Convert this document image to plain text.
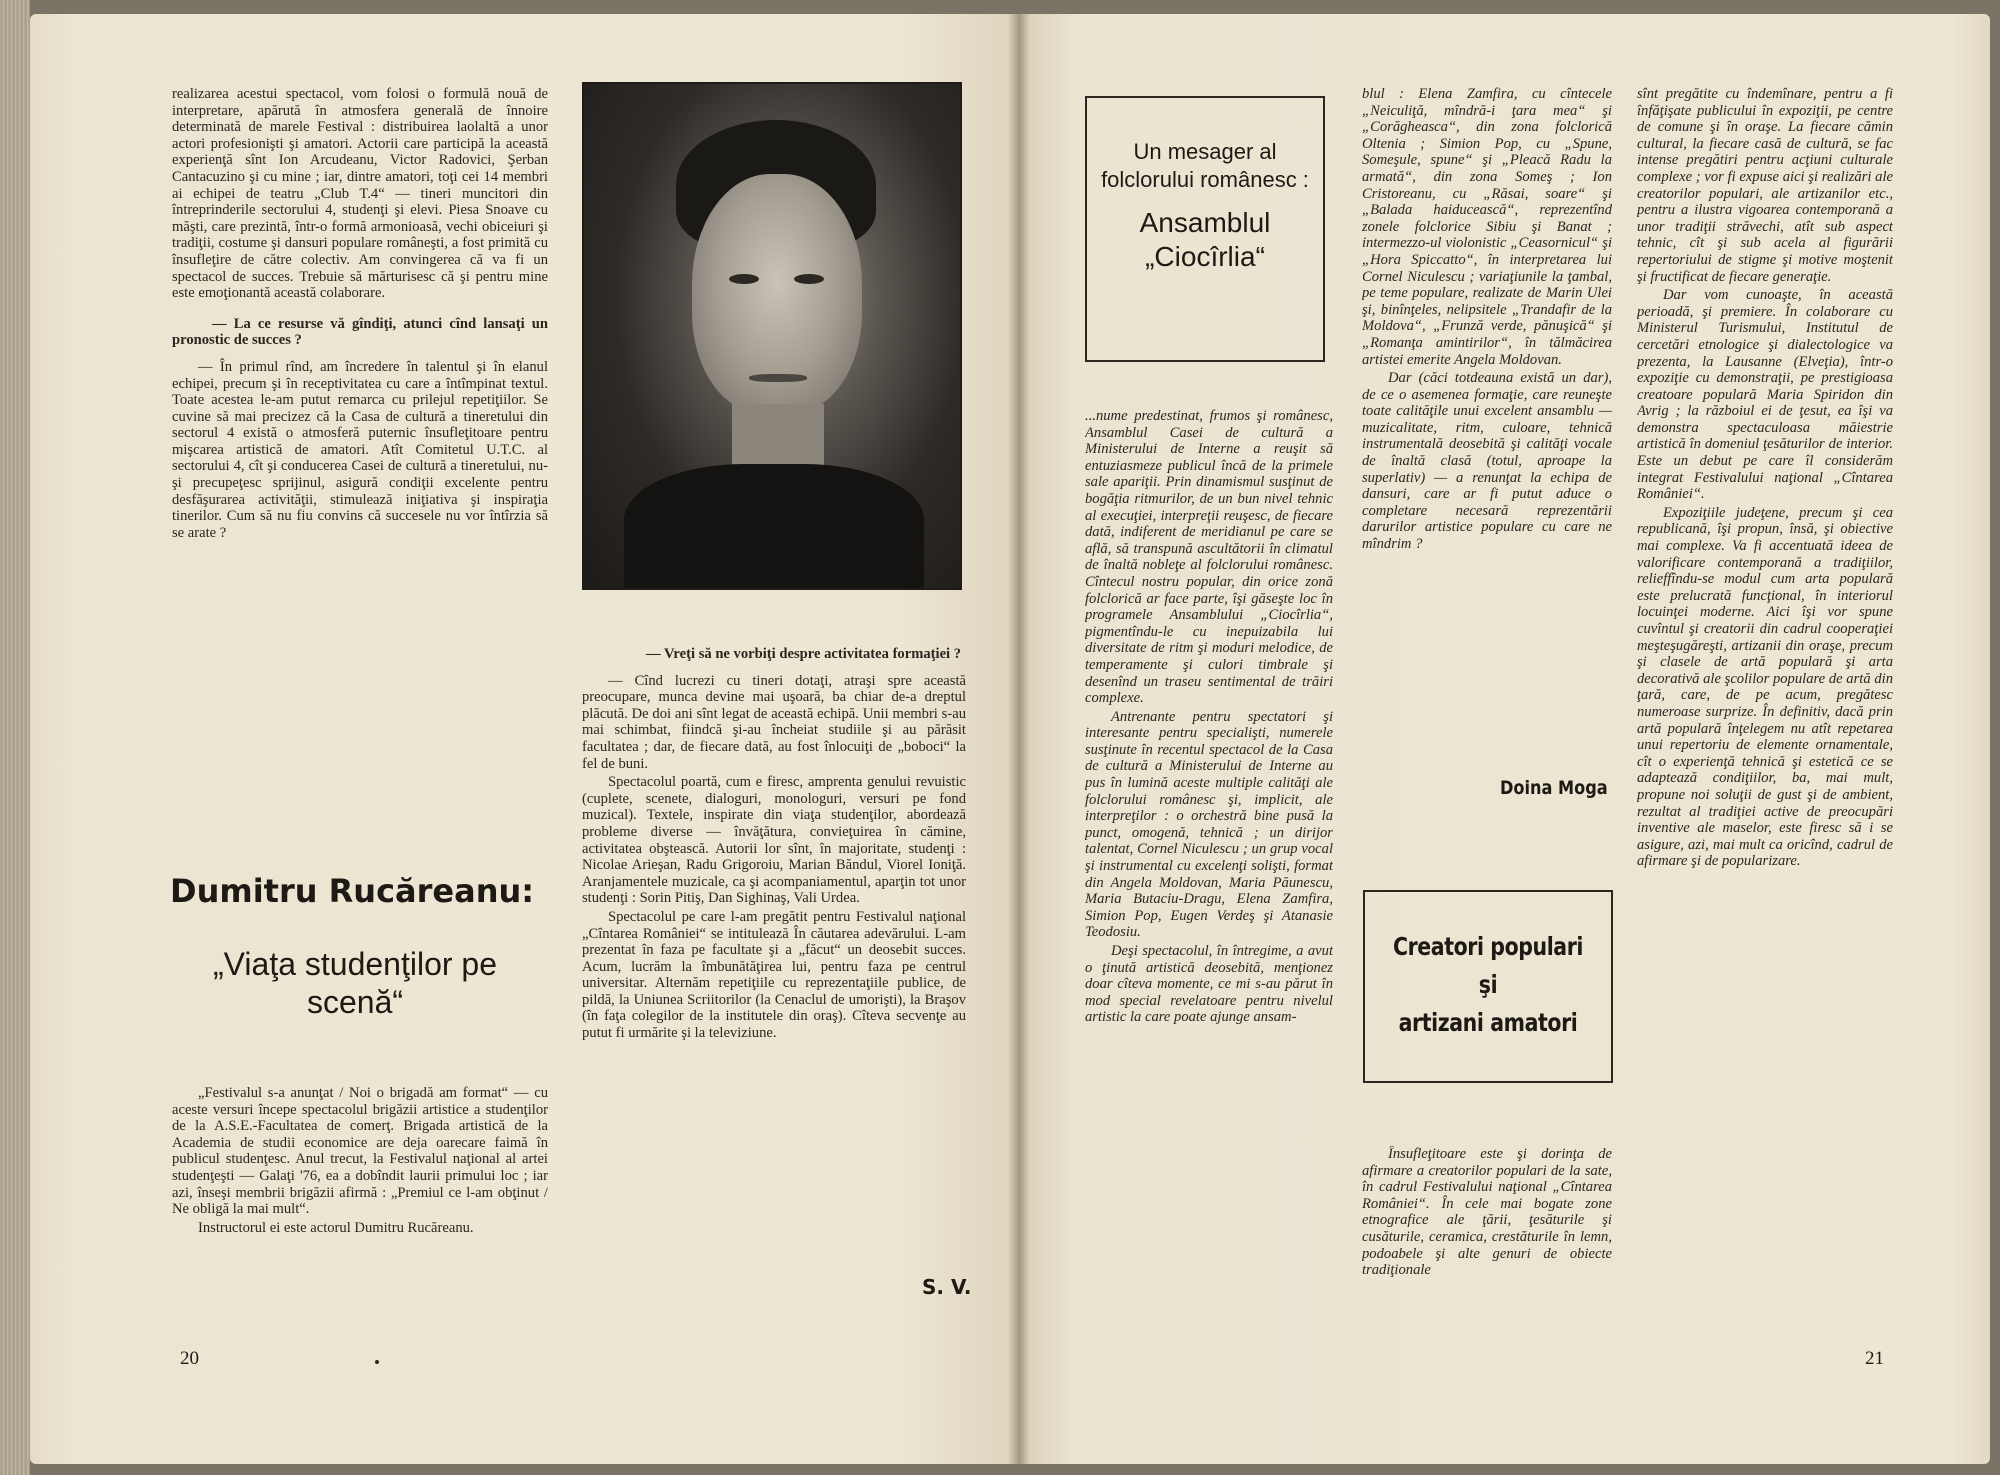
realizarea acestui spectacol, vom folosi o formulă nouă de interpretare, apărută în atmosfera generală de înnoire determinată de marele Festival : distribuirea laolaltă a unor actori profesionişti şi amatori. Actorii care participă la această experienţă sînt Ion Arcudeanu, Victor Radovici, Şerban Cantacuzino şi cu mine ; iar, dintre amatori, toţi cei 14 membri ai echipei de teatru „Club T.4“ — tineri muncitori din întreprinderile sectorului 4, studenţi şi elevi. Piesa Snoave cu măşti, care prezintă, într-o formă armonioasă, vechi obiceiuri şi tradiţii, costume şi dansuri populare româneşti, a fost primită cu însufleţire de către colectiv. Am convingerea că va fi un spectacol de succes. Trebuie să mărturisesc că şi pentru mine este emoţionantă această colaborare.

— La ce resurse vă gîndiţi, atunci cînd lansaţi un pronostic de succes ?

— În primul rînd, am încredere în talentul şi în elanul echipei, precum şi în receptivitatea cu care a întîmpinat textul. Toate acestea le-am putut remarca cu prilejul repetiţiilor. Se cuvine să mai precizez că la Casa de cultură a tineretului din sectorul 4 există o atmosferă puternic însufleţitoare pentru mişcarea artistică de amatori. Atît Comitetul U.T.C. al sectorului 4, cît şi conducerea Casei de cultură a tineretului, nu-şi precupeţesc sprijinul, asigură condiţii excelente pentru desfăşurarea activităţii, stimulează iniţiativa şi inspiraţia tinerilor. Cum să nu fiu convins că succesele nu vor întîrzia să se arate ?

Dumitru Rucăreanu:
„Viaţa studenţilor pe scenă“

„Festivalul s-a anunţat / Noi o brigadă am format“ — cu aceste versuri începe spectacolul brigăzii artistice a studenţilor de la A.S.E.-Facultatea de comerţ. Brigada artistică de la Academia de studii economice are deja oarecare faimă în publicul studenţesc. Anul trecut, la Festivalul naţional al artei studenţeşti — Galaţi '76, ea a dobîndit laurii primului loc ; iar azi, înseşi membrii brigăzii afirmă : „Premiul ce l-am obţinut / Ne obligă la mai mult“.

Instructorul ei este actorul Dumitru Rucăreanu.

— Vreţi să ne vorbiţi despre activitatea formaţiei ?

— Cînd lucrezi cu tineri dotaţi, atraşi spre această preocupare, munca devine mai uşoară, ba chiar de-a dreptul plăcută. De doi ani sînt legat de această echipă. Unii membri s-au mai schimbat, fiindcă şi-au încheiat studiile şi au părăsit facultatea ; dar, de fiecare dată, au fost înlocuiţi de „boboci“ la fel de buni.

Spectacolul poartă, cum e firesc, amprenta genului revuistic (cuplete, scenete, dialoguri, monologuri, versuri pe fond muzical). Textele, inspirate din viaţa studenţilor, abordează probleme diverse — învăţătura, convieţuirea în cămine, activitatea obştească. Autorii lor sînt, în majoritate, studenţi : Nicolae Arieşan, Radu Grigoroiu, Marian Băndul, Viorel Ioniţă. Aranjamentele muzicale, ca şi acompaniamentul, aparţin tot unor studenţi : Sorin Pitiş, Dan Sighinaş, Vali Urdea.

Spectacolul pe care l-am pregătit pentru Festivalul naţional „Cîntarea României“ se intitulează În căutarea adevărului. L-am prezentat în faza pe facultate şi a „făcut“ un deosebit succes. Acum, lucrăm la îmbunătăţirea lui, pentru faza pe centrul universitar. Alternăm repetiţiile cu reprezentaţiile publice, de pildă, la Uniunea Scriitorilor (la Cenaclul de umorişti), la Braşov (în faţa colegilor de la institutele din oraş). Cîteva secvenţe au putut fi urmărite şi la televiziune.

S. V.
20
Un mesager al folclorului românesc :
Ansamblul „Ciocîrlia“

...nume predestinat, frumos şi românesc, Ansamblul Casei de cultură a Ministerului de Interne a reuşit să entuziasmeze publicul încă de la primele sale apariţii. Prin dinamismul susţinut de bogăţia ritmurilor, de un bun nivel tehnic al execuţiei, interpreţii reuşesc, de fiecare dată, indiferent de meridianul pe care se află, să transpună ascultătorii în climatul de înaltă nobleţe al folclorului românesc. Cîntecul nostru popular, din orice zonă folclorică ar face parte, îşi găseşte loc în programele Ansamblului „Ciocîrlia“, pigmentîndu-le cu inepuizabila lui diversitate de ritm şi moduri melodice, de temperamente şi culori timbrale şi desenînd un traseu sentimental de trăiri complexe.

Antrenante pentru spectatori şi interesante pentru specialişti, numerele susţinute în recentul spectacol de la Casa de cultură a Ministerului de Interne au pus în lumină aceste multiple calităţi ale folclorului românesc şi, implicit, ale interpreţilor : o orchestră bine pusă la punct, omogenă, tehnică ; un dirijor talentat, Cornel Niculescu ; un grup vocal şi instrumental cu excelenţi solişti, format din Angela Moldovan, Maria Păunescu, Maria Butaciu-Dragu, Elena Zamfira, Simion Pop, Eugen Verdeş şi Atanasie Teodosiu.

Deşi spectacolul, în întregime, a avut o ţinută artistică deosebită, menţionez doar cîteva momente, ce mi s-au părut în mod special revelatoare pentru nivelul artistic la care poate ajunge ansam-

blul : Elena Zamfira, cu cîntecele „Neiculiţă, mîndră-i ţara mea“ şi „Corăgheasca“, din zona folclorică Oltenia ; Simion Pop, cu „Spune, Someşule, spune“ şi „Pleacă Radu la armată“, din zona Someş ; Ion Cristoreanu, cu „Răsai, soare“ şi „Balada haiducească“, reprezentînd zonele folclorice Sibiu şi Banat ; intermezzo-ul violonistic „Ceasornicul“ şi „Hora Spiccatto“, în interpretarea lui Cornel Niculescu ; variaţiunile la ţambal, pe teme populare, realizate de Marin Ulei şi, binînţeles, nelipsitele „Trandafir de la Moldova“, „Frunză verde, pănuşică“ şi „Romanţa amintirilor“, în tălmăcirea artistei emerite Angela Moldovan.

Dar (căci totdeauna există un dar), de ce o asemenea formaţie, care reuneşte toate calităţile unui excelent ansamblu — muzicalitate, ritm, culoare, tehnică instrumentală deosebită şi calităţi vocale de înaltă clasă (totul, aproape la superlativ) — a renunţat la echipa de dansuri, care ar fi putut aduce o completare necesară reprezentării darurilor artistice populare cu care ne mîndrim ?

Doina Moga
Creatori populari
şi
artizani amatori

Însufleţitoare este şi dorinţa de afirmare a creatorilor populari de la sate, în cadrul Festivalului naţional „Cîntarea României“. În cele mai bogate zone etnografice ale ţării, ţesăturile şi cusăturile, ceramica, crestăturile în lemn, podoabele şi alte genuri de obiecte tradiţionale

sînt pregătite cu îndemînare, pentru a fi înfăţişate publicului în expoziţii, pe centre de comune şi în oraşe. La fiecare cămin cultural, la fiecare casă de cultură, se fac intense pregătiri pentru acţiuni culturale complexe ; vor fi expuse aici şi realizări ale creatorilor populari, ale artizanilor etc., pentru a ilustra vigoarea contemporană a unor tradiţii străvechi, atît sub aspect tehnic, cît şi sub acela al figurării repertoriului de stigme şi motive moştenit şi fructificat de fiecare generaţie.

Dar vom cunoaşte, în această perioadă, şi premiere. În colaborare cu Ministerul Turismului, Institutul de cercetări etnologice şi dialectologice va prezenta, la Lausanne (Elveţia), într-o expoziţie cu demonstraţii, pe prestigioasa creatoare populară Maria Spiridon din Avrig ; la războiul ei de ţesut, ea îşi va demonstra spectaculoasa măiestrie artistică în domeniul ţesăturilor de interior. Este un debut pe care îl considerăm integrat Festivalului naţional „Cîntarea României“.

Expoziţiile judeţene, precum şi cea republicană, îşi propun, însă, şi obiective mai complexe. Va fi accentuată ideea de valorificare contemporană a tradiţiilor, relieffîndu-se modul cum arta populară este prelucrată funcţional, în interiorul locuinţei moderne. Aici îşi vor spune cuvîntul şi creatorii din cadrul cooperaţiei meşteşugăreşti, artizanii din oraşe, precum şi clasele de artă populară şi arta decorativă ale şcolilor populare de artă din ţară, care, de pe acum, pregătesc numeroase surprize. În definitiv, dacă prin artă populară înţelegem nu atît repetarea unui repertoriu de elemente ornamentale, cît o experienţă tehnică şi estetică ce se adaptează condiţiilor, ba, mai mult, propune noi soluţii de gust şi de ambient, rezultat al tradiţiei active de preocupări inventive ale maselor, este firesc să i se asigure, azi, mai mult ca oricînd, cadrul de afirmare şi de popularizare.

21
